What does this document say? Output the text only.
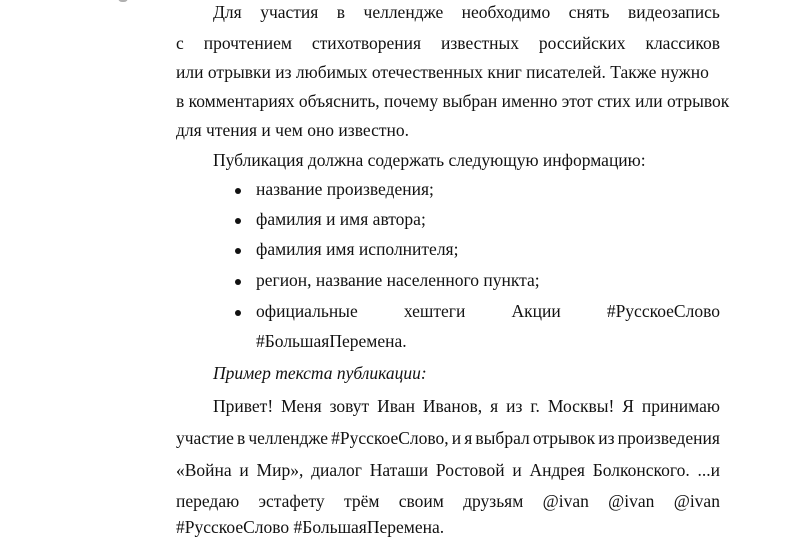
Для участия в челлендже необходимо снять видеозапись
с прочтением стихотворения известных российских классиков
или отрывки из любимых отечественных книг писателей. Также нужно
в комментариях объяснить, почему выбран именно этот стих или отрывок
для чтения и чем оно известно.
Публикация должна содержать следующую информацию:
название произведения;
фамилия и имя автора;
фамилия имя исполнителя;
регион, название населенного пункта;
официальные	хештеги	Акции	#РусскоеСлово
#БольшаяПеремена.
Пример текста публикации:
Привет! Меня зовут Иван Иванов, я из г. Москвы! Я принимаю
участие в челлендже #РусскоеСлово, и я выбрал отрывок из произведения
«Война и Мир», диалог Наташи Ростовой и Андрея Болконского. ...и
передаю эстафету трём своим друзьям @ivan @ivan @ivan
#РусскоеСлово #БольшаяПеремена.
